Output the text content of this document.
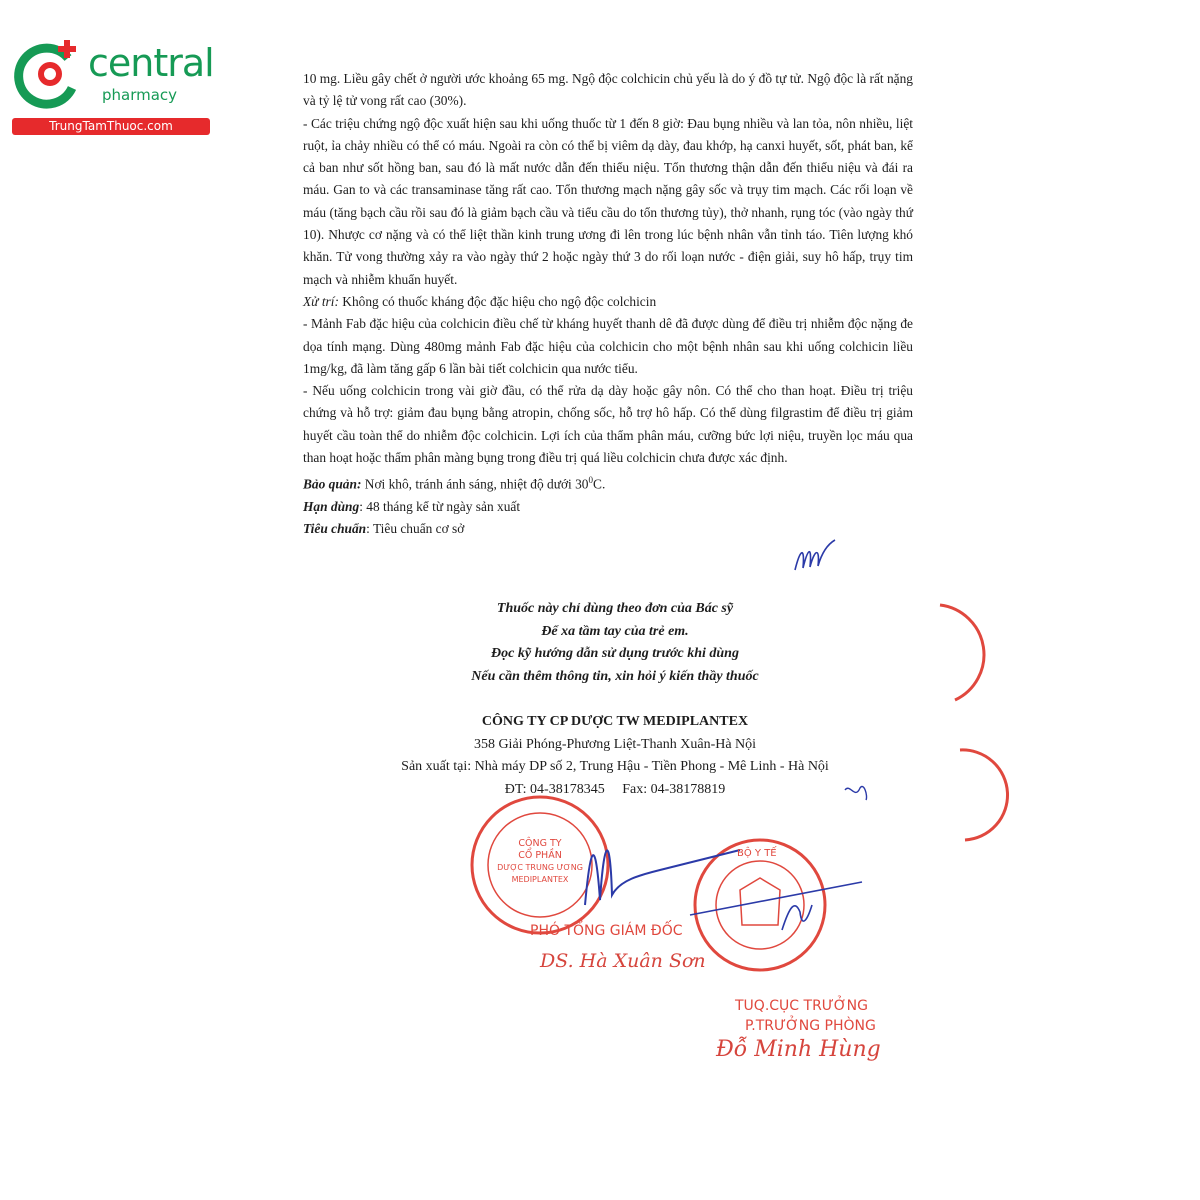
central
pharmacy
TrungTamThuoc.com

10 mg. Liều gây chết ở người ước khoảng 65 mg. Ngộ độc colchicin chủ yếu là do ý đồ tự tử. Ngộ độc là rất nặng và tỷ lệ tử vong rất cao (30%).

- Các triệu chứng ngộ độc xuất hiện sau khi uống thuốc từ 1 đến 8 giờ: Đau bụng nhiều và lan tỏa, nôn nhiều, liệt ruột, ỉa chảy nhiều có thể có máu. Ngoài ra còn có thể bị viêm dạ dày, đau khớp, hạ canxi huyết, sốt, phát ban, kể cả ban như sốt hồng ban, sau đó là mất nước dẫn đến thiểu niệu. Tổn thương thận dẫn đến thiểu niệu và đái ra máu. Gan to và các transaminase tăng rất cao. Tổn thương mạch nặng gây sốc và trụy tim mạch. Các rối loạn về máu (tăng bạch cầu rồi sau đó là giảm bạch cầu và tiểu cầu do tổn thương tủy), thở nhanh, rụng tóc (vào ngày thứ 10). Nhược cơ nặng và có thể liệt thần kinh trung ương đi lên trong lúc bệnh nhân vẫn tỉnh táo. Tiên lượng khó khăn. Tử vong thường xảy ra vào ngày thứ 2 hoặc ngày thứ 3 do rối loạn nước - điện giải, suy hô hấp, trụy tim mạch và nhiễm khuẩn huyết.

Xử trí: Không có thuốc kháng độc đặc hiệu cho ngộ độc colchicin

- Mảnh Fab đặc hiệu của colchicin điều chế từ kháng huyết thanh dê đã được dùng để điều trị nhiễm độc nặng đe dọa tính mạng. Dùng 480mg mảnh Fab đặc hiệu của colchicin cho một bệnh nhân sau khi uống colchicin liều 1mg/kg, đã làm tăng gấp 6 lần bài tiết colchicin qua nước tiểu.

- Nếu uống colchicin trong vài giờ đầu, có thể rửa dạ dày hoặc gây nôn. Có thể cho than hoạt. Điều trị triệu chứng và hỗ trợ: giảm đau bụng bằng atropin, chống sốc, hỗ trợ hô hấp. Có thể dùng filgrastim để điều trị giảm huyết cầu toàn thể do nhiễm độc colchicin. Lợi ích của thẩm phân máu, cưỡng bức lợi niệu, truyền lọc máu qua than hoạt hoặc thẩm phân màng bụng trong điều trị quá liều colchicin chưa được xác định.

Bảo quản: Nơi khô, tránh ánh sáng, nhiệt độ dưới $30^0C$.

Hạn dùng: 48 tháng kể từ ngày sản xuất

Tiêu chuẩn: Tiêu chuẩn cơ sở

Thuốc này chỉ dùng theo đơn của Bác sỹ
Để xa tầm tay của trẻ em.
Đọc kỹ hướng dẫn sử dụng trước khi dùng
Nếu cần thêm thông tin, xin hỏi ý kiến thầy thuốc
CÔNG TY CP DƯỢC TW MEDIPLANTEX
358 Giải Phóng-Phương Liệt-Thanh Xuân-Hà Nội
Sản xuất tại: Nhà máy DP số 2, Trung Hậu - Tiền Phong - Mê Linh - Hà Nội
ĐT: 04-38178345     Fax: 04-38178819
CÔNG TY
CỔ PHẦN
DƯỢC TRUNG ƯƠNG
MEDIPLANTEX
PHÓ TỔNG GIÁM ĐỐC
DS. Hà Xuân Sơn
BỘ Y TẾ
TUQ.CỤC TRƯỞNG
P.TRƯỞNG PHÒNG
Đỗ Minh Hùng
